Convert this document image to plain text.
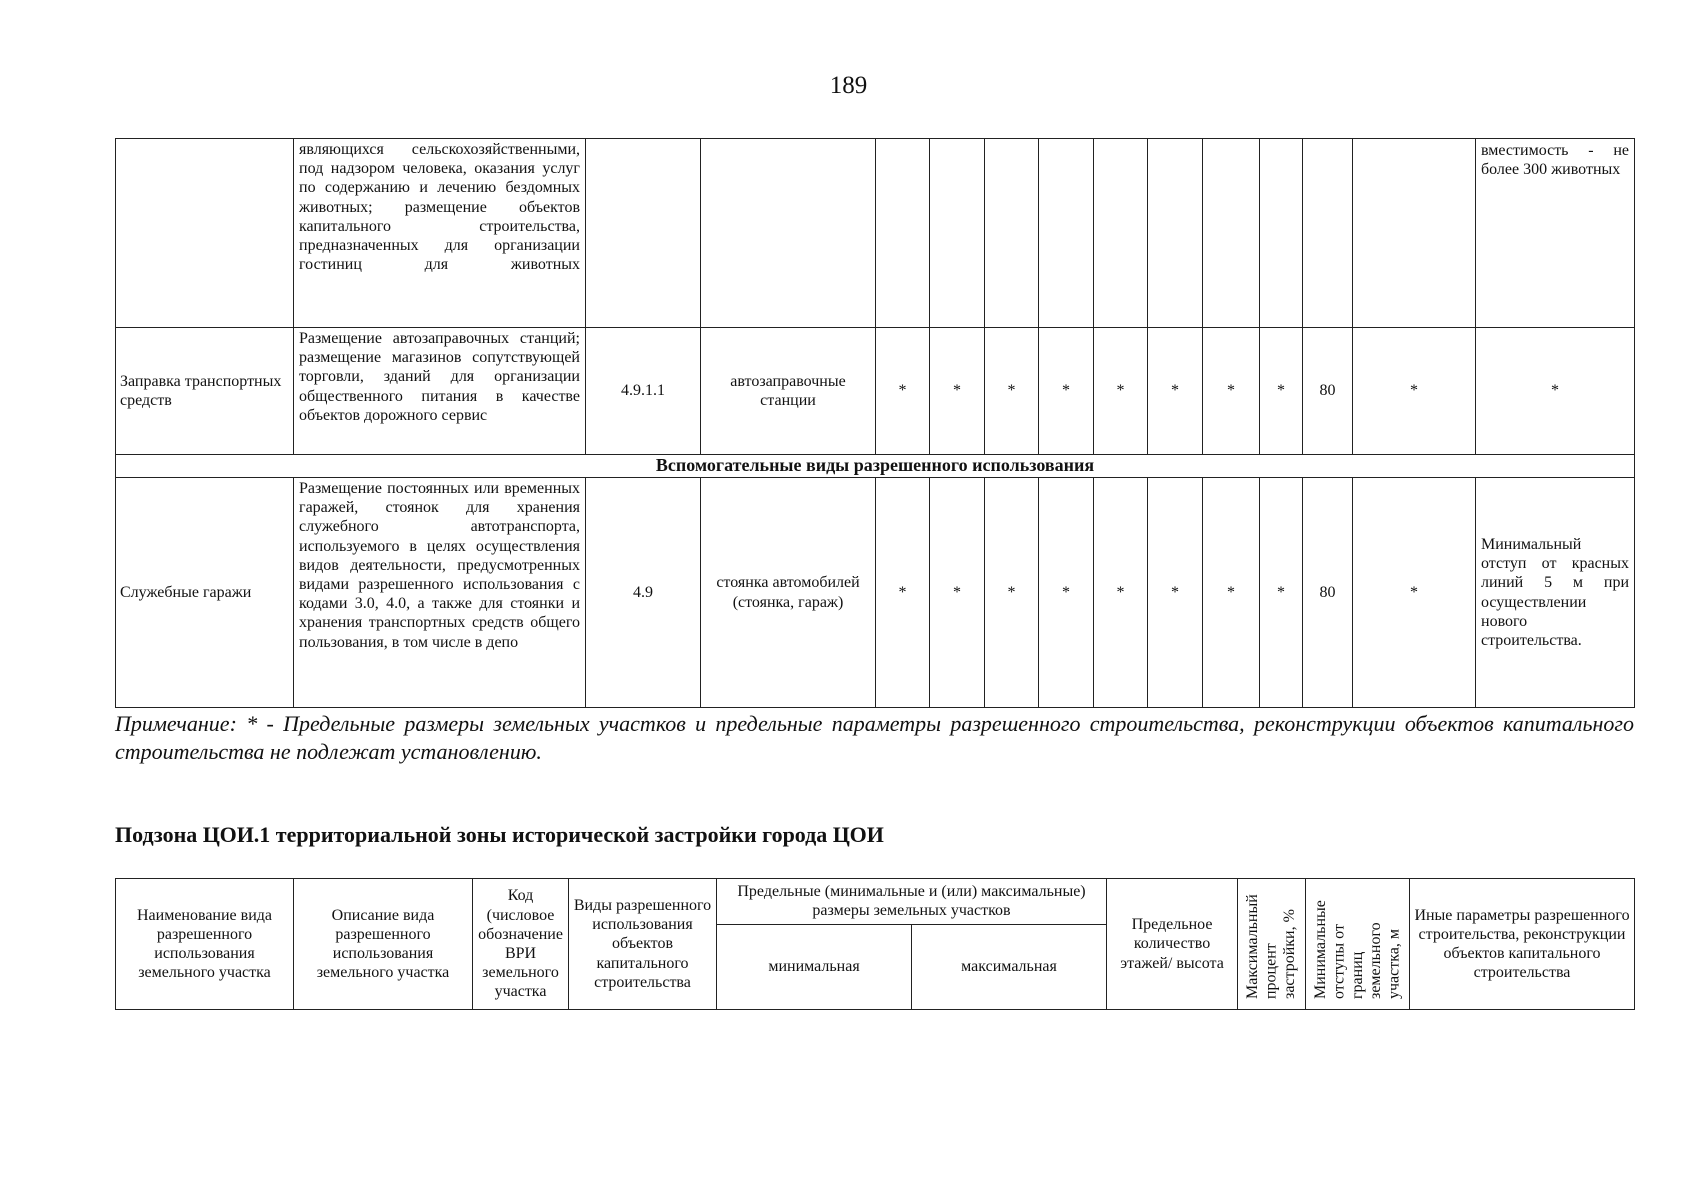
189
	являющихся сельскохозяйственными, под надзором человека, оказания услуг по содержанию и лечению бездомных животных; размещение объектов капитального строительства, предназначенных для организации гостиниц для животных													вместимость - не более 300 животных
Заправка транспортных средств	Размещение автозаправочных станций; размещение магазинов сопутствующей торговли, зданий для организации общественного питания в качестве объектов дорожного сервис	4.9.1.1	автозаправочные станции	*	*	*	*	*	*	*	*	80	*	*
Вспомогательные виды разрешенного использования														
Служебные гаражи	Размещение постоянных или временных гаражей, стоянок для хранения служебного автотранспорта, используемого в целях осуществления видов деятельности, предусмотренных видами разрешенного использования с кодами 3.0, 4.0, а также для стоянки и хранения транспортных средств общего пользования, в том числе в депо	4.9	стоянка автомобилей (стоянка, гараж)	*	*	*	*	*	*	*	*	80	*	Минимальный отступ от красных линий 5 м при осуществлении нового строительства.
Примечание: * - Предельные размеры земельных участков и предельные параметры разрешенного строительства, реконструкции объектов капитального строительства не подлежат установлению.
Подзона ЦОИ.1 территориальной зоны исторической застройки города ЦОИ
Наименование вида разрешенного использования земельного участка	Описание вида разрешенного использования земельного участка	Код (числовое обозначение ВРИ земельного участка	Виды разрешенного использования объектов капитального строительства	Предельные (минимальные и (или) максимальные) размеры земельных участков		Предельное количество этажей/ высота	Максимальный процент застройки, %	Минимальные отступы от границ земельного участка, м	Иные параметры разрешенного строительства, реконструкции объектов капитального строительства
				минимальная	максимальная				
